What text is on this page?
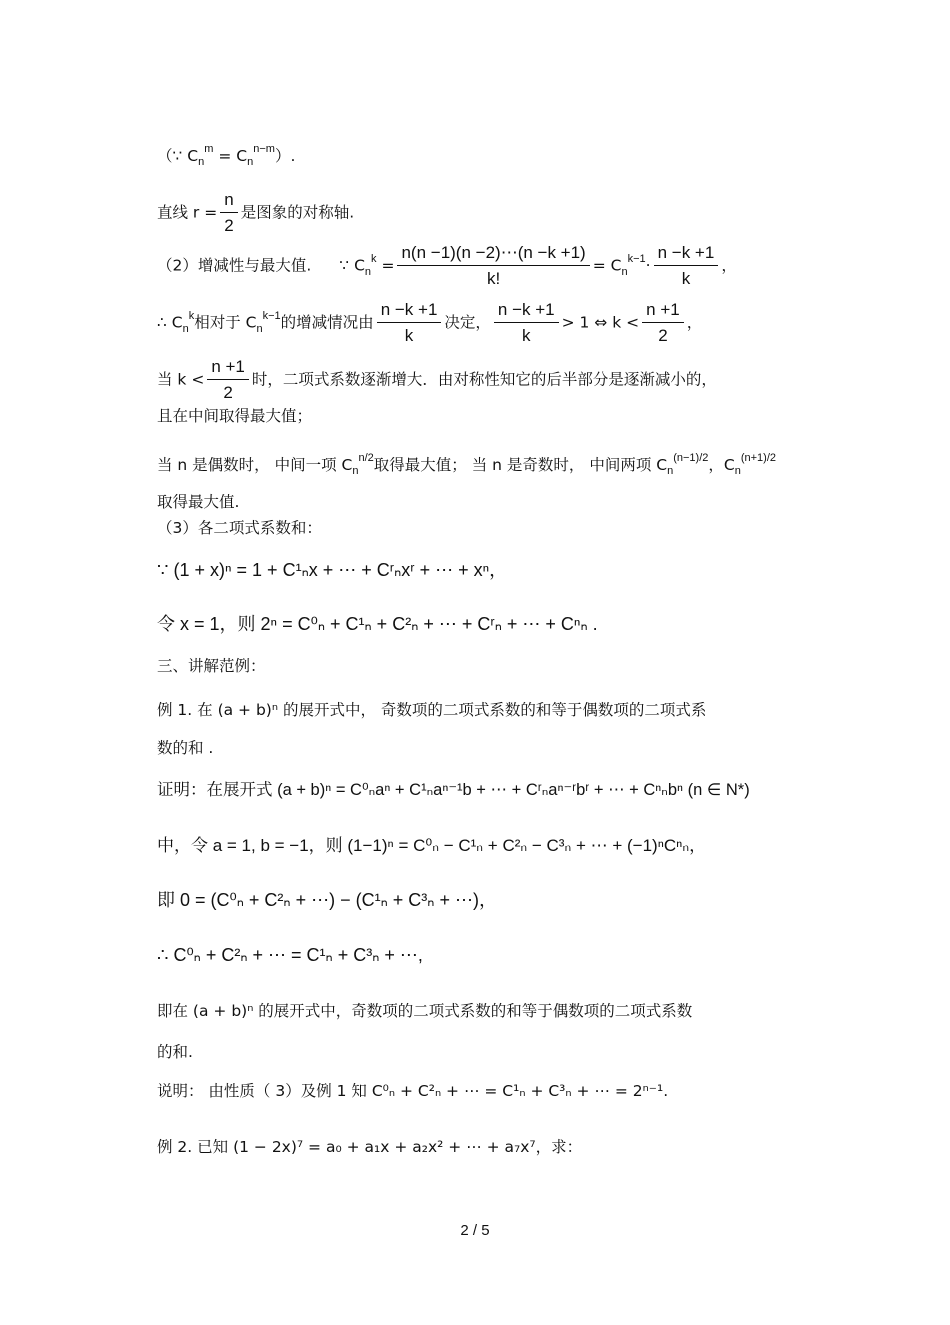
（∵ $C_n^m = C_n^{n-m}$）.
直线 $r = \frac{n}{2}$ 是图象的对称轴.
（2）增减性与最大值. ∵ $C_n^k = \frac{n(n -1)(n -2)\cdots(n -k +1)}{k!} = C_n^{k-1}\cdot \frac{n -k +1}{k}$ ，
∴ $C_n^k$相对于 $C_n^{k-1}$的增减情况由 $\frac{n -k +1}{k}$ 决定， $\frac{n -k +1}{k} > 1$ ⇔ $k < \frac{n +1}{2}$ ，
当 $k < \frac{n +1}{2}$ 时，二项式系数逐渐增大．由对称性知它的后半部分是逐渐减小的，
且在中间取得最大值；
当 n 是偶数时， 中间一项 $C_n^{n/2}$取得最大值； 当 n 是奇数时， 中间两项 $C_n^{(n-1)/2}$，$C_n^{(n+1)/2}$
取得最大值.
（3）各二项式系数和：
∵ (1 + x)ⁿ = 1 + C¹ₙx + ⋯ + Cʳₙxʳ + ⋯ + xⁿ，
令 x = 1，则 2ⁿ = C⁰ₙ + C¹ₙ + C²ₙ + ⋯ + Cʳₙ + ⋯ + Cⁿₙ .
三、讲解范例：
例 1. 在 (a + b)ⁿ 的展开式中， 奇数项的二项式系数的和等于偶数项的二项式系
数的和 .
证明：在展开式 (a + b)ⁿ = C⁰ₙaⁿ + C¹ₙaⁿ⁻¹b + ⋯ + Cʳₙaⁿ⁻ʳbʳ + ⋯ + Cⁿₙbⁿ (n ∈ N*)
中，令 a = 1, b = −1，则 (1−1)ⁿ = C⁰ₙ − C¹ₙ + C²ₙ − C³ₙ + ⋯ + (−1)ⁿCⁿₙ，
即 0 = (C⁰ₙ + C²ₙ + ⋯) − (C¹ₙ + C³ₙ + ⋯)，
∴ C⁰ₙ + C²ₙ + ⋯ = C¹ₙ + C³ₙ + ⋯,
即在 (a + b)ⁿ 的展开式中，奇数项的二项式系数的和等于偶数项的二项式系数
的和.
说明： 由性质（ 3）及例 1 知 C⁰ₙ + C²ₙ + ⋯ = C¹ₙ + C³ₙ + ⋯ = 2ⁿ⁻¹.
例 2. 已知 (1 − 2x)⁷ = a₀ + a₁x + a₂x² + ⋯ + a₇x⁷，求：
2 / 5
